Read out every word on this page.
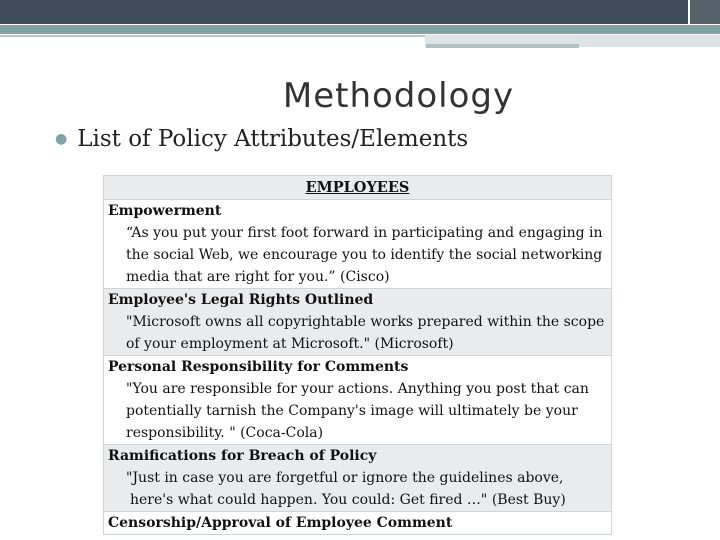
Methodology
● List of Policy Attributes/Elements
EMPLOYEES

Empowerment
“As you put your first foot forward in participating and engaging in
the social Web, we encourage you to identify the social networking
media that are right for you.” (Cisco)

Employee's Legal Rights Outlined
"Microsoft owns all copyrightable works prepared within the scope
of your employment at Microsoft." (Microsoft)

Personal Responsibility for Comments
"You are responsible for your actions. Anything you post that can
potentially tarnish the Company's image will ultimately be your
responsibility. " (Coca-Cola)

Ramifications for Breach of Policy
"Just in case you are forgetful or ignore the guidelines above,
here's what could happen. You could: Get fired …" (Best Buy)

Censorship/Approval of Employee Comment
